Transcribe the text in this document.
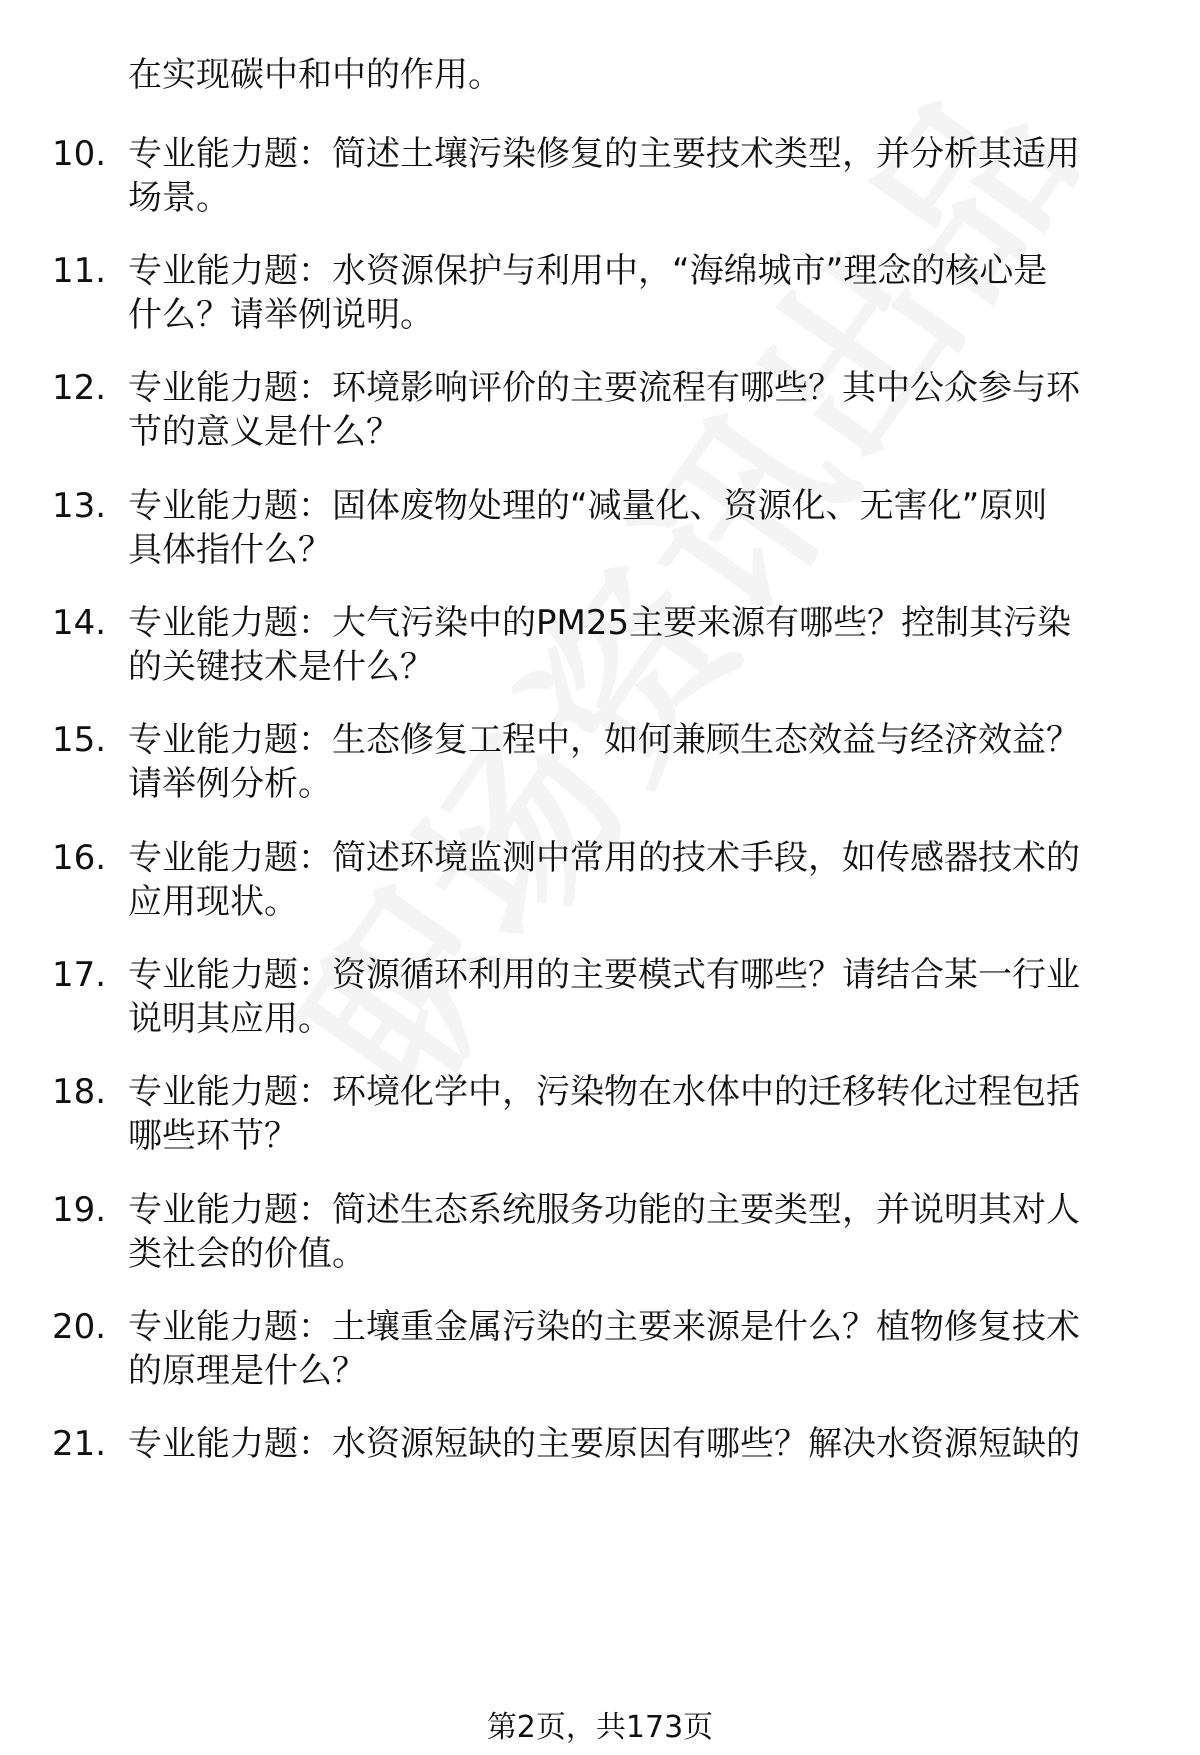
在实现碳中和中的作用。
10. 专业能力题：简述土壤污染修复的主要技术类型，并分析其适用
场景。
11. 专业能力题：水资源保护与利用中，“海绵城市”理念的核心是
什么？请举例说明。
12. 专业能力题：环境影响评价的主要流程有哪些？其中公众参与环
节的意义是什么？
13. 专业能力题：固体废物处理的“减量化、资源化、无害化”原则
具体指什么？
14. 专业能力题：大气污染中的PM25主要来源有哪些？控制其污染
的关键技术是什么？
15. 专业能力题：生态修复工程中，如何兼顾生态效益与经济效益？
请举例分析。
16. 专业能力题：简述环境监测中常用的技术手段，如传感器技术的
应用现状。
17. 专业能力题：资源循环利用的主要模式有哪些？请结合某一行业
说明其应用。
18. 专业能力题：环境化学中，污染物在水体中的迁移转化过程包括
哪些环节？
19. 专业能力题：简述生态系统服务功能的主要类型，并说明其对人
类社会的价值。
20. 专业能力题：土壤重金属污染的主要来源是什么？植物修复技术
的原理是什么？
21. 专业能力题：水资源短缺的主要原因有哪些？解决水资源短缺的
第2页，共173页
